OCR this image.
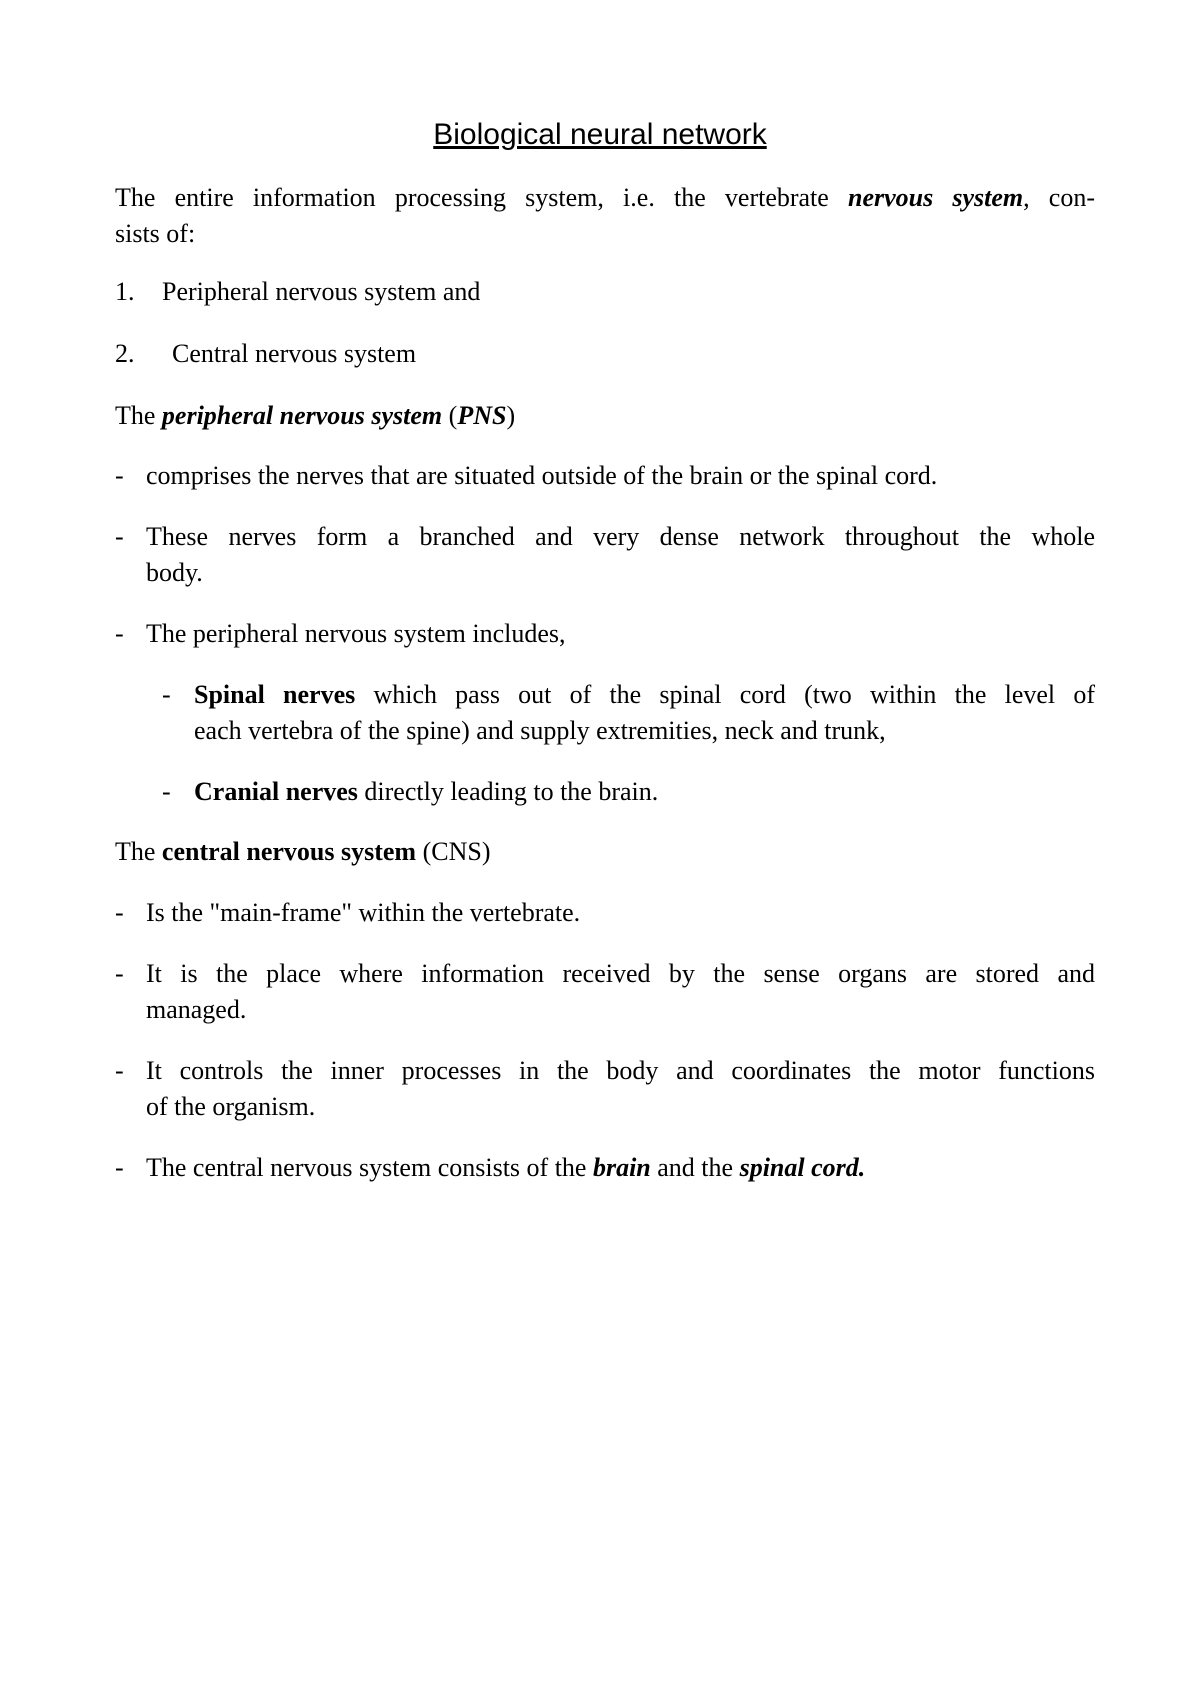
Biological neural network
The entire information processing system, i.e. the vertebrate nervous system, con-
sists of:
1. Peripheral nervous system and
2. Central nervous system
The peripheral nervous system (PNS)
- comprises the nerves that are situated outside of the brain or the spinal cord.
- These nerves form a branched and very dense network throughout the whole
body.
- The peripheral nervous system includes,
- Spinal nerves which pass out of the spinal cord (two within the level of
each vertebra of the spine) and supply extremities, neck and trunk,
- Cranial nerves directly leading to the brain.
The central nervous system (CNS)
- Is the "main-frame" within the vertebrate.
- It is the place where information received by the sense organs are stored and
managed.
- It controls the inner processes in the body and coordinates the motor functions
of the organism.
- The central nervous system consists of the brain and the spinal cord.
